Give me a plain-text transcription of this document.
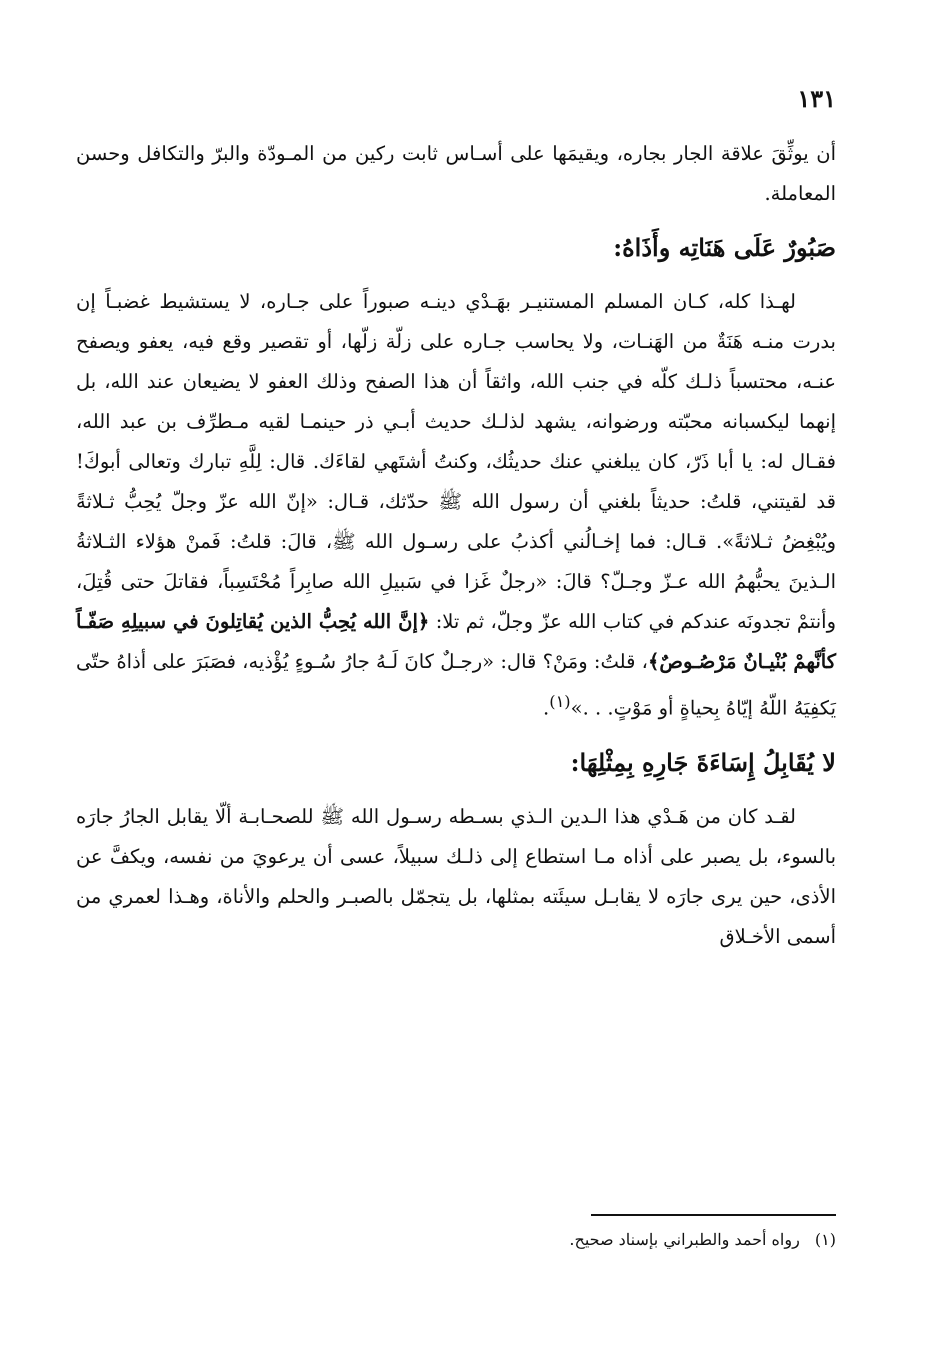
١٣١

أن يوثِّقَ علاقة الجار بجاره، ويقيمَها على أسـاس ثابت ركين من المـودّة والبرّ والتكافل وحسن المعاملة.

صَبُورٌ عَلَى هَنَاتِه وأَذَاهُ:

لهـذا كله، كـان المسلم المستنيـر بهَـدْي دينـه صبوراً على جـاره، لا يستشيط غضبـاً إن بدرت منـه هَنَةٌ من الهَنـات، ولا يحاسب جـاره على زلّة زلّها، أو تقصير وقع فيه، يعفو ويصفح عنـه، محتسباً ذلـك كلّه في جنب الله، واثقاً أن هذا الصفح وذلك العفو لا يضيعان عند الله، بل إنهما ليكسبانه محبّته ورضوانه، يشهد لذلـك حديث أبـي ذر حينمـا لقيه مـطرِّف بن عبد الله، فقـال له: يا أبا ذَرّ، كان يبلغني عنك حديثُك، وكنتُ أشتَهي لقاءَك. قال: لِلَّهِ تبارك وتعالى أبوكَ! قد لقيتني، قلتُ: حديثاً بلغني أن رسول الله ﷺ حدّثك، قـال: «إنّ الله عزّ وجلّ يُحِبُّ ثـلاثةً ويُبْغِضُ ثـلاثةً». قـال: فما إخـالُني أكذبُ على رسـول الله ﷺ، قالَ: قلتُ: فَمنْ هؤلاء الثـلاثةُ الـذينَ يحبُّهمُ الله عـزّ وجـلّ؟ قالَ: «رجلٌ غَزا في سَبيلِ الله صابِراً مُحْتَسِباً، فقاتلَ حتى قُتِلَ، وأنتمْ تجدونَه عندكم في كتاب الله عزّ وجلّ، ثم تلا: ﴿إنَّ الله يُحِبُّ الذين يُقاتِلونَ في سبيلِهِ صَفّـاً كأنَّهمْ بُنْيـانٌ مَرْصُـوصٌ﴾، قلتُ: ومَنْ؟ قال: «رجـلٌ كانَ لَـهُ جارُ سُـوءٍ يُؤْذيه، فصَبَرَ على أذاهُ حتّى يَكفِيَهُ اللّهُ إيّاهُ بِحياةٍ أو مَوْتٍ. . .»$^{(١)}$.

لا يُقَابِلُ إِسَاءَةَ جَارِهِ بِمِثْلِهَا:

لقـد كان من هَـدْي هذا الـدين الـذي بسـطه رسـول الله ﷺ للصحـابـة ألّا يقابل الجارُ جارَه بالسوء، بل يصبر على أذاه مـا استطاع إلى ذلـك سبيلاً، عسى أن يرعويَ من نفسه، ويكفَّ عن الأذى، حين يرى جارَه لا يقابـل سيئَته بمثلها، بل يتجمّل بالصبـر والحلم والأناة، وهـذا لعمري من أسمى الأخـلاق

(١) رواه أحمد والطبراني بإسناد صحيح.
